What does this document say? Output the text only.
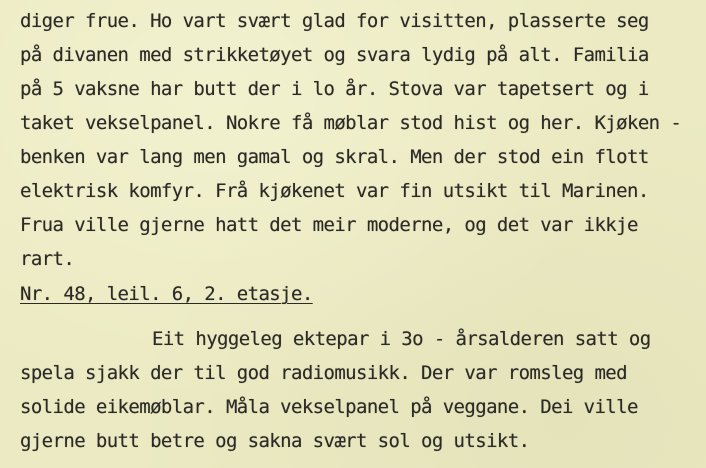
diger frue. Ho vart svært glad for visitten, plasserte seg
på divanen med strikketøyet og svara lydig på alt. Familia
på 5 vaksne har butt der i lo år. Stova var tapetsert og i
taket vekselpanel. Nokre få møblar stod hist og her. Kjøken -
benken var lang men gamal og skral. Men der stod ein flott
elektrisk komfyr. Frå kjøkenet var fin utsikt til Marinen.
Frua ville gjerne hatt det meir moderne, og det var ikkje
rart.
Nr. 48, leil. 6, 2. etasje.
Eit hyggeleg ektepar i 3o - årsalderen satt og
spela sjakk der til god radiomusikk. Der var romsleg med
solide eikemøblar. Måla vekselpanel på veggane. Dei ville
gjerne butt betre og sakna svært sol og utsikt.
